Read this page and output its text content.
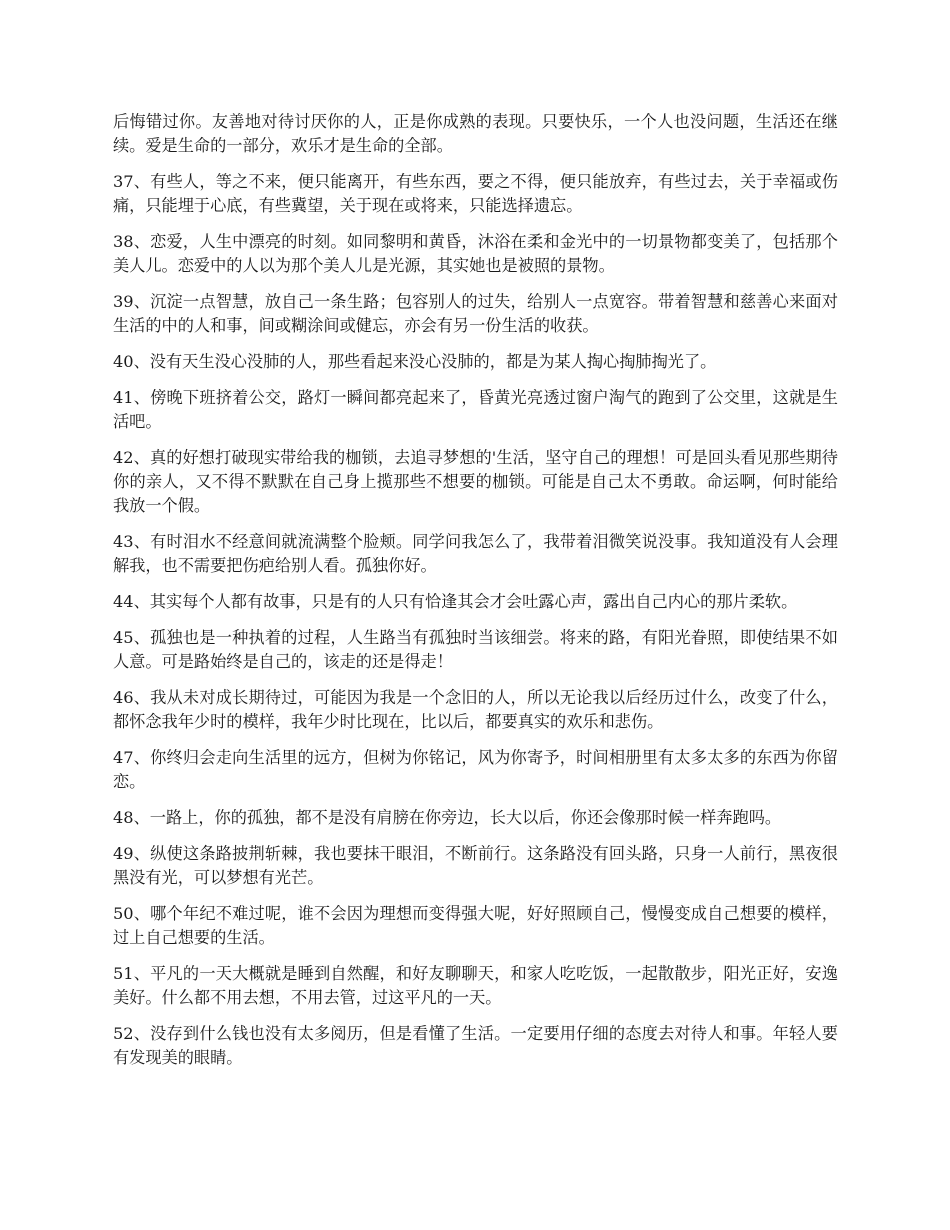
后悔错过你。友善地对待讨厌你的人，正是你成熟的表现。只要快乐，一个人也没问题，生活还在继续。爱是生命的一部分，欢乐才是生命的全部。

37、有些人，等之不来，便只能离开，有些东西，要之不得，便只能放弃，有些过去，关于幸福或伤痛，只能埋于心底，有些冀望，关于现在或将来，只能选择遗忘。

38、恋爱，人生中漂亮的时刻。如同黎明和黄昏，沐浴在柔和金光中的一切景物都变美了，包括那个美人儿。恋爱中的人以为那个美人儿是光源，其实她也是被照的景物。

39、沉淀一点智慧，放自己一条生路；包容别人的过失，给别人一点宽容。带着智慧和慈善心来面对生活的中的人和事，间或糊涂间或健忘，亦会有另一份生活的收获。

40、没有天生没心没肺的人，那些看起来没心没肺的，都是为某人掏心掏肺掏光了。

41、傍晚下班挤着公交，路灯一瞬间都亮起来了，昏黄光亮透过窗户淘气的跑到了公交里，这就是生活吧。

42、真的好想打破现实带给我的枷锁，去追寻梦想的'生活，坚守自己的理想！可是回头看见那些期待你的亲人，又不得不默默在自己身上揽那些不想要的枷锁。可能是自己太不勇敢。命运啊，何时能给我放一个假。

43、有时泪水不经意间就流满整个脸颊。同学问我怎么了，我带着泪微笑说没事。我知道没有人会理解我，也不需要把伤疤给别人看。孤独你好。

44、其实每个人都有故事，只是有的人只有恰逢其会才会吐露心声，露出自己内心的那片柔软。

45、孤独也是一种执着的过程，人生路当有孤独时当该细尝。将来的路，有阳光眷照，即使结果不如人意。可是路始终是自己的，该走的还是得走！

46、我从未对成长期待过，可能因为我是一个念旧的人，所以无论我以后经历过什么，改变了什么，都怀念我年少时的模样，我年少时比现在，比以后，都要真实的欢乐和悲伤。

47、你终归会走向生活里的远方，但树为你铭记，风为你寄予，时间相册里有太多太多的东西为你留恋。

48、一路上，你的孤独，都不是没有肩膀在你旁边，长大以后，你还会像那时候一样奔跑吗。

49、纵使这条路披荆斩棘，我也要抹干眼泪，不断前行。这条路没有回头路，只身一人前行，黑夜很黑没有光，可以梦想有光芒。

50、哪个年纪不难过呢，谁不会因为理想而变得强大呢，好好照顾自己，慢慢变成自己想要的模样，过上自己想要的生活。

51、平凡的一天大概就是睡到自然醒，和好友聊聊天，和家人吃吃饭，一起散散步，阳光正好，安逸美好。什么都不用去想，不用去管，过这平凡的一天。

52、没存到什么钱也没有太多阅历，但是看懂了生活。一定要用仔细的态度去对待人和事。年轻人要有发现美的眼睛。
